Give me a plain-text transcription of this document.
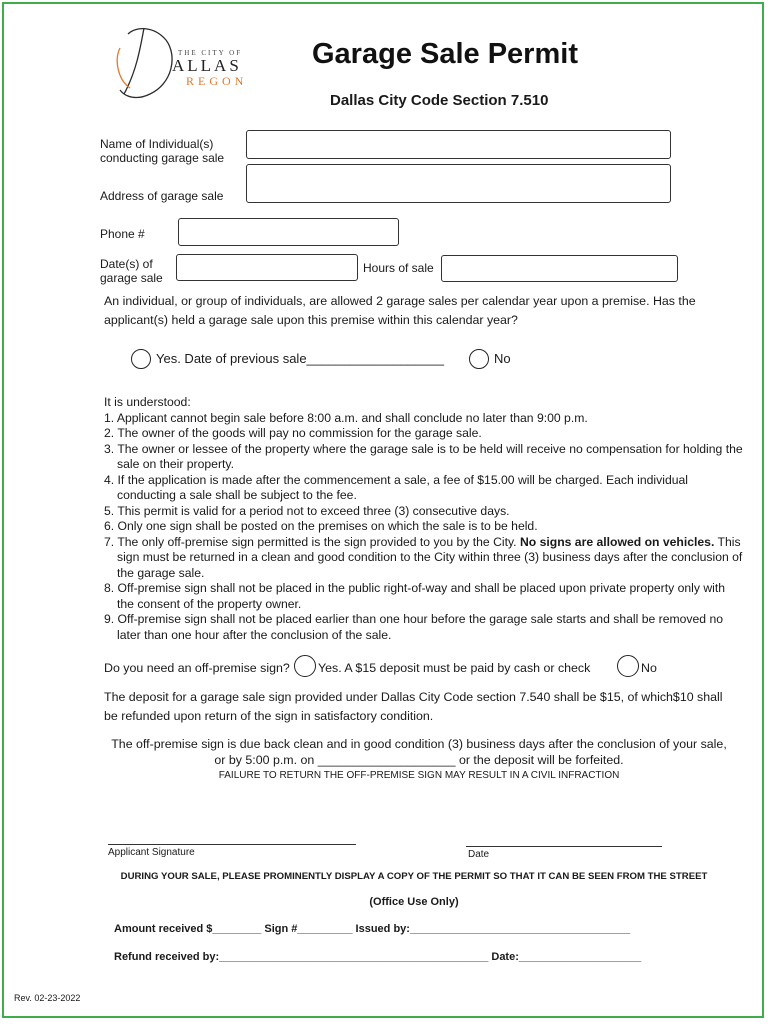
THE CITY OF
ALLAS
REGON
Garage Sale Permit
Dallas City Code Section 7.510
Name of Individual(s) conducting garage sale
Address of garage sale
Phone #
Date(s) of garage sale
Hours of sale
An individual, or group of individuals, are allowed 2 garage sales per calendar year upon a premise. Has the applicant(s) held a garage sale upon this premise within this calendar year?
Yes. Date of previous sale___________________	No
It is understood:
1. Applicant cannot begin sale before 8:00 a.m. and shall conclude no later than 9:00 p.m.
2. The owner of the goods will pay no commission for the garage sale.
3. The owner or lessee of the property where the garage sale is to be held will receive no compensation for holding the sale on their property.
4. If the application is made after the commencement a sale, a fee of $15.00 will be charged. Each individual conducting a sale shall be subject to the fee.
5. This permit is valid for a period not to exceed three (3) consecutive days.
6. Only one sign shall be posted on the premises on which the sale is to be held.
7. The only off-premise sign permitted is the sign provided to you by the City. No signs are allowed on vehicles. This sign must be returned in a clean and good condition to the City within three (3) business days after the conclusion of the garage sale.
8. Off-premise sign shall not be placed in the public right-of-way and shall be placed upon private property only with the consent of the property owner.
9. Off-premise sign shall not be placed earlier than one hour before the garage sale starts and shall be removed no later than one hour after the conclusion of the sale.
Do you need an off-premise sign? Yes. A $15 deposit must be paid by cash or check	No
The deposit for a garage sale sign provided under Dallas City Code section 7.540 shall be $15, of which$10 shall be refunded upon return of the sign in satisfactory condition.
The off-premise sign is due back clean and in good condition (3) business days after the conclusion of your sale,
or by 5:00 p.m. on ____________________ or the deposit will be forfeited.
FAILURE TO RETURN THE OFF-PREMISE SIGN MAY RESULT IN A CIVIL INFRACTION
Applicant Signature	Date
DURING YOUR SALE, PLEASE PROMINENTLY DISPLAY A COPY OF THE PERMIT SO THAT IT CAN BE SEEN FROM THE STREET
(Office Use Only)
Amount received $________ Sign #_________ Issued by:____________________________________
Refund received by:____________________________________________ Date:____________________
Rev. 02-23-2022
